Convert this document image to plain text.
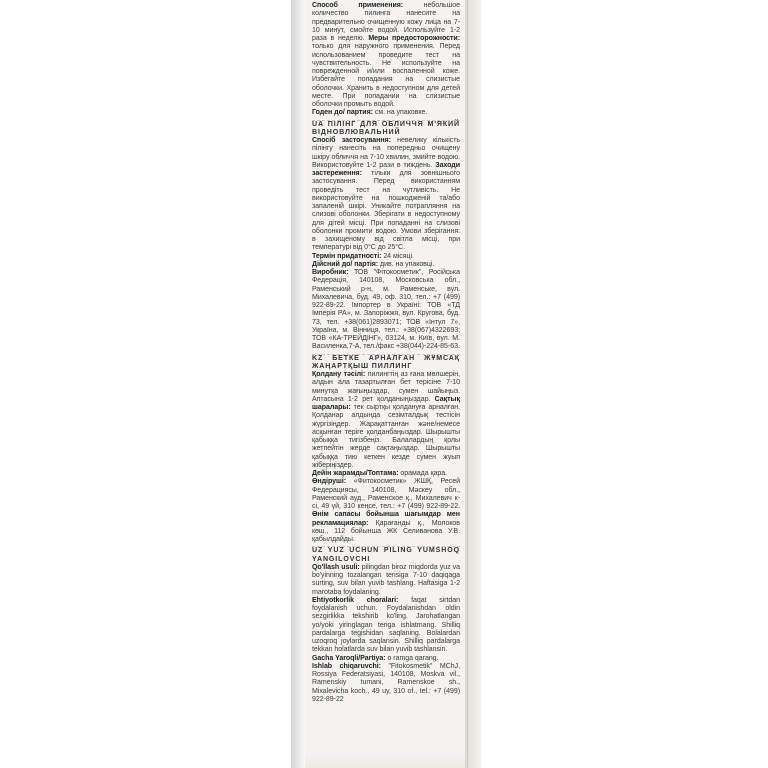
Способ применения: небольшое количество пилинга нанесите на предварительно очищенную кожу лица на 7-10 минут, смойте водой. Используйте 1-2 раза в неделю. Меры предосторожности: только для наружного применения. Перед использованием проведите тест на чувствительность. Не используйте на поврежденной и/или воспаленной коже. Избегайте попадания на слизистые оболочки. Хранить в недоступном для детей месте. При попадании на слизистые оболочки промыть водой.

Годен до/ партия: см. на упаковке.

UA ПІЛІНГ ДЛЯ ОБЛИЧЧЯ М'ЯКИЙ ВІДНОВЛЮВАЛЬНИЙ

Спосіб застосування: невелику кількість пілінгу нанесіть на попередньо очищену шкіру обличчя на 7-10 хвилин, змийте водою. Використовуйте 1-2 рази в тиждень. Заходи застереження: тільки для зовнішнього застосування. Перед використанням проведіть тест на чутливість. Не використовуйте на пошкодженій та/або запаленій шкірі. Уникайте потрапляння на слизові оболонки. Зберігати в недоступному для дітей місці. При попаданні на слизові оболонки промити водою. Умови зберігання: в захищеному від світла місці, при температурі від 0°С до 25°С.

Термін придатності: 24 місяці.

Дійсний до/ партія: див. на упаковці.

Виробник: ТОВ "Фітокосметик", Російська Федерація, 140108, Московська обл., Раменський р-н, м. Раменське, вул. Михалевича, буд. 49, оф. 310, тел.: +7 (499) 922-89-22. Імпортер в Україні: ТОВ «ТД Імперія РА», м. Запоріжжя, вул. Кругова, буд. 73, тел. +38(061)2893071; ТОВ «Інтул 7», Україна, м. Вінниця, тел.: +38(067)4322693; ТОВ «КА-ТРЕЙДІНГ», 03124, м. Київ, вул. М. Василенка,7-А, тел./факс +38(044)-224-85-63.

KZ БЕТКЕ АРНАЛҒАН ЖҰМСАҚ ЖАҢАРТҚЫШ ПИЛЛИНГ

Қолдану тәсілі: пилингтің аз ғана мөлшерін, алдын ала тазартылған бет терісіне 7-10 минутқа жағыңыздар, сумен шайыңыз. Аптасына 1-2 рет қолданыңыздар. Сақтық шаралары: тек сыртқы қолдануға арналған. Қолданар алдында сезімталдық тестісін жүргізіңдер. Жарақаттанған және/немесе асқынған теріге қолданбаңыздар. Шырышты қабыққа тигізбеңіз. Балалардың қолы жетпейтін жерде сақтаңыздар. Шырышты қабыққа тию кеткен кезде сумен жуып жіберіңіздер.

Дейін жарамды/Топтама: орамада қара.

Өндіруші: «Фитокосметик» ЖШҚ, Ресей Федерациясы, 140108, Мәскеу обл., Раменский ауд., Раменское қ., Михалевич к-сі, 49 үй, 310 кеңсе, тел.: +7 (499) 922-89-22. Өнім сапасы бойынша шағымдар мен рекламациялар: Қарағанды қ., Молоков көш., 112 бойынша ЖК Селиванова У.В. қабылдайды.

UZ YUZ UCHUN PILING YUMSHOQ YANGILOVCHI

Qo'llash usuli: pilingdan biroz miqdorda yuz va bo'yinning tozalangan terisiga 7-10 daqiqaga surting, suv bilan yuvib tashlang. Haftasiga 1-2 marotaba foydalaning.

Ehtiyotkorlik choralari: faqat sirtdan foydalanish uchun. Foydalanishdan oldin sezgirlikka tekshirib ko'ling. Jarohatlangan yo/yoki yiringlagan teriga ishlatmang. Shilliq pardalarga tegishidan saqlaning. Bolalardan uzoqroq joylarda saqlansin. Shilliq pardalarga tekkan holatlarda suv bilan yuvib tashlansin.

Gacha Yaroqli/Partiya: o ramga qarang.

Ishlab chiqaruvchi: "Fitokosmetik" MChJ, Rossiya Federatsiyasi, 140108, Moskva vil., Ramenskiy tumani, Ramenskoe sh., Mixalevicha koch., 49 uy, 310 of., tel.: +7 (499) 922-89-22
